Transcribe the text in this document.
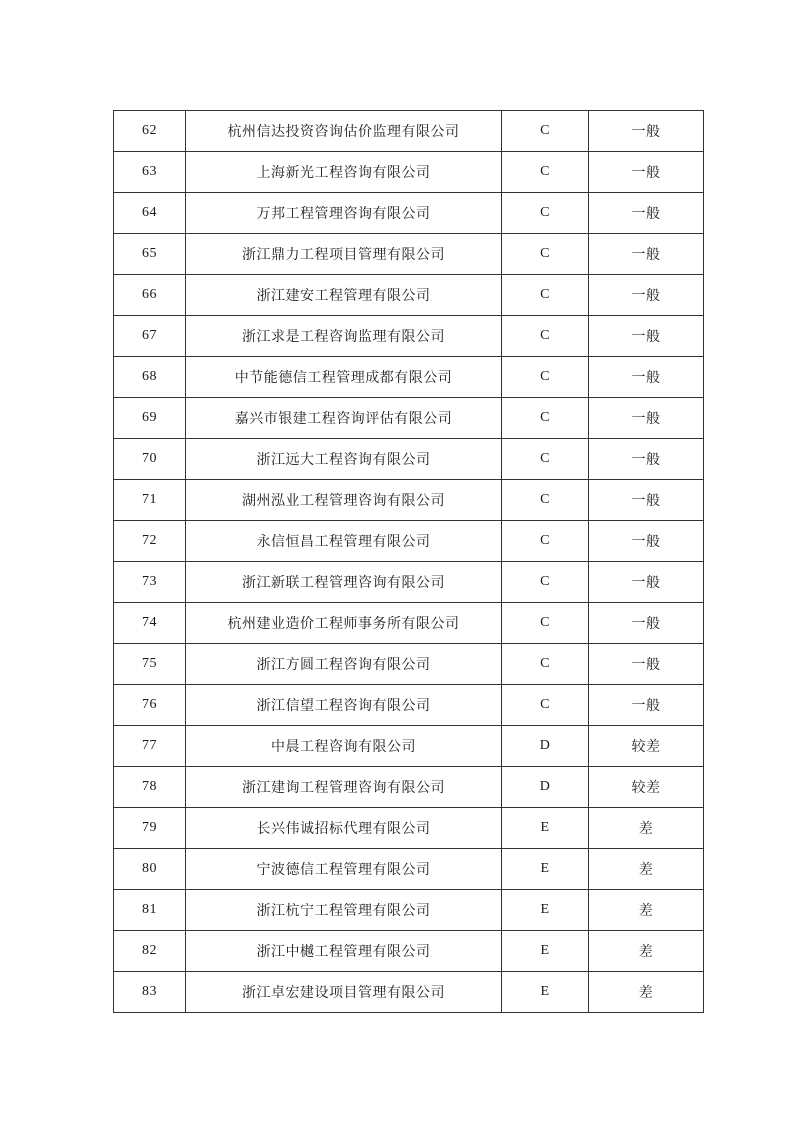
62	杭州信达投资咨询估价监理有限公司	C	一般
63	上海新光工程咨询有限公司	C	一般
64	万邦工程管理咨询有限公司	C	一般
65	浙江鼎力工程项目管理有限公司	C	一般
66	浙江建安工程管理有限公司	C	一般
67	浙江求是工程咨询监理有限公司	C	一般
68	中节能德信工程管理成都有限公司	C	一般
69	嘉兴市银建工程咨询评估有限公司	C	一般
70	浙江远大工程咨询有限公司	C	一般
71	湖州泓业工程管理咨询有限公司	C	一般
72	永信恒昌工程管理有限公司	C	一般
73	浙江新联工程管理咨询有限公司	C	一般
74	杭州建业造价工程师事务所有限公司	C	一般
75	浙江方圆工程咨询有限公司	C	一般
76	浙江信望工程咨询有限公司	C	一般
77	中晨工程咨询有限公司	D	较差
78	浙江建询工程管理咨询有限公司	D	较差
79	长兴伟诚招标代理有限公司	E	差
80	宁波德信工程管理有限公司	E	差
81	浙江杭宁工程管理有限公司	E	差
82	浙江中樾工程管理有限公司	E	差
83	浙江卓宏建设项目管理有限公司	E	差
